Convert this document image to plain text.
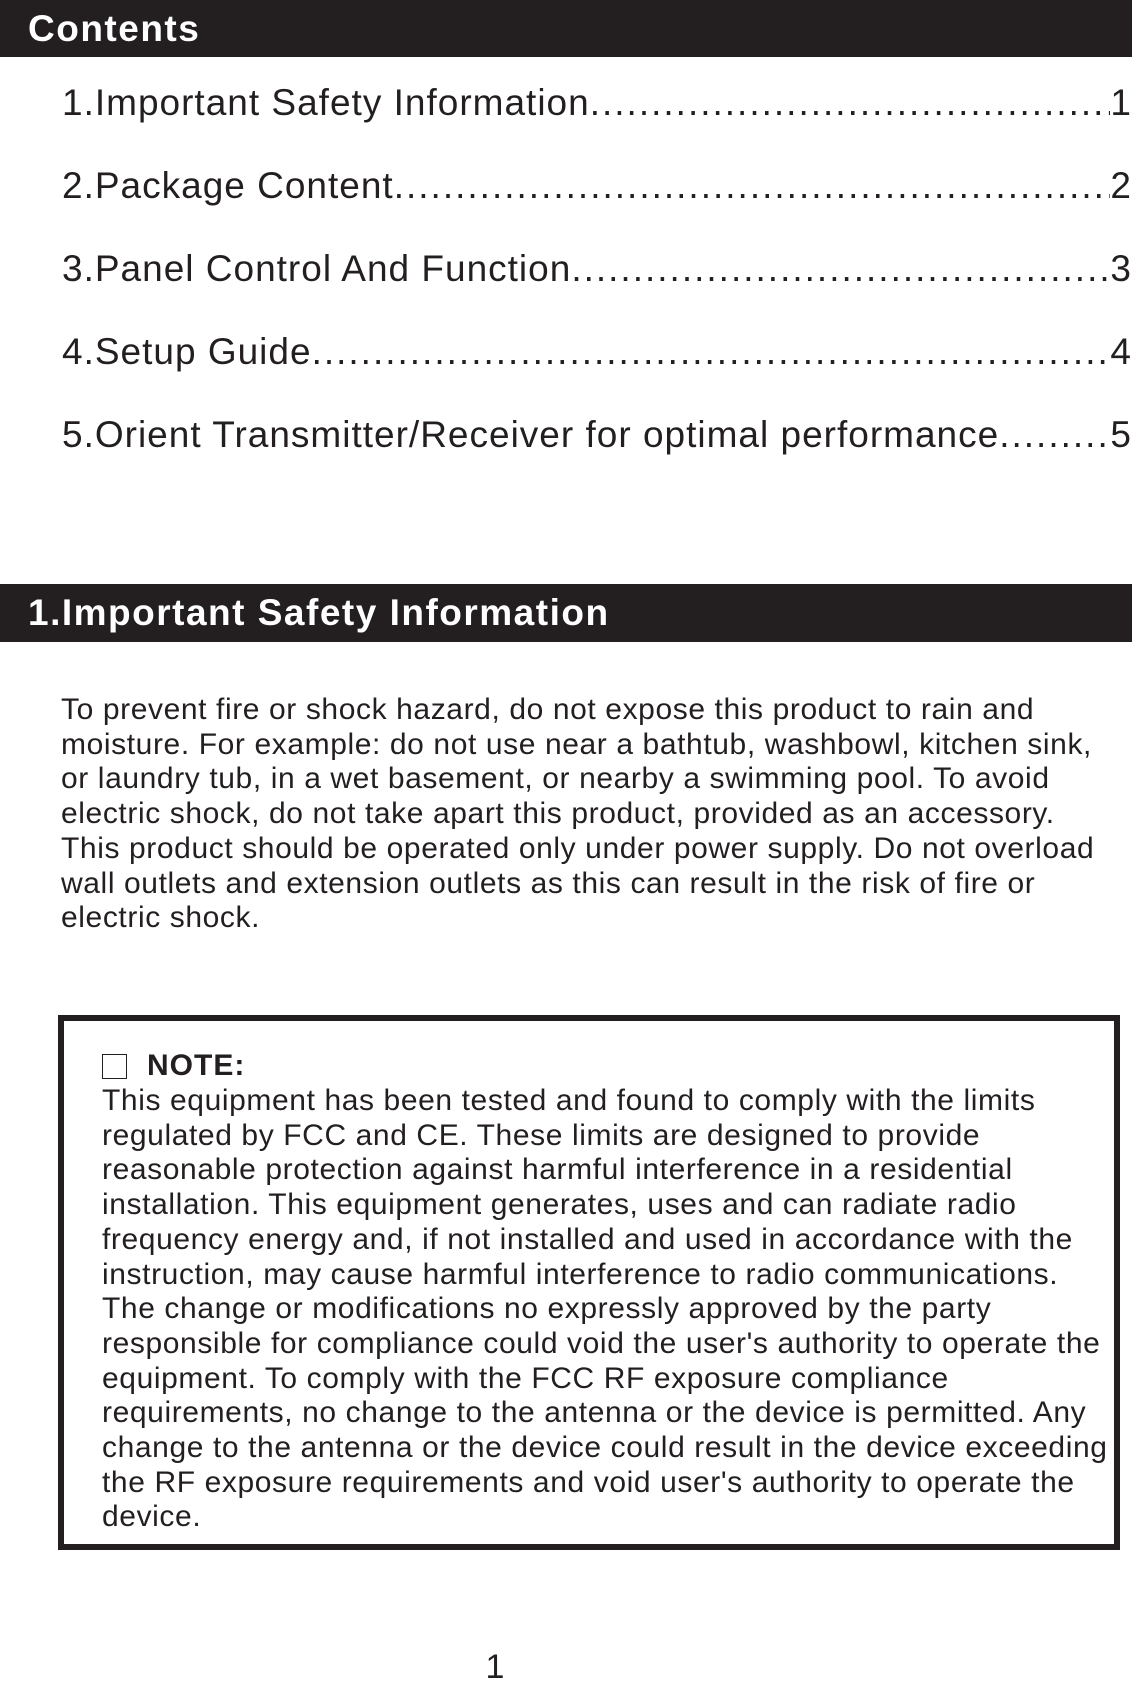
Contents
1.Important Safety Information .....	1
2.Package Content .....	2
3.Panel Control And Function .....	3
4.Setup Guide .....	4
5.Orient Transmitter/Receiver for optimal performance .....	5
1.Important Safety Information

To prevent fire or shock hazard, do not expose this product to rain and moisture. For example: do not use near a bathtub, washbowl, kitchen sink, or laundry tub, in a wet basement, or nearby a swimming pool. To avoid electric shock, do not take apart this product, provided as an accessory. This product should be operated only under power supply. Do not overload wall outlets and extension outlets as this can result in the risk of fire or electric shock.

NOTE:

This equipment has been tested and found to comply with the limits regulated by FCC and CE. These limits are designed to provide reasonable protection against harmful interference in a residential installation. This equipment generates, uses and can radiate radio frequency energy and, if not installed and used in accordance with the instruction, may cause harmful interference to radio communications. The change or modifications no expressly approved by the party responsible for compliance could void the user's authority to operate the equipment. To comply with the FCC RF exposure compliance requirements, no change to the antenna or the device is permitted. Any change to the antenna or the device could result in the device exceeding the RF exposure requirements and void user's authority to operate the device.

1
